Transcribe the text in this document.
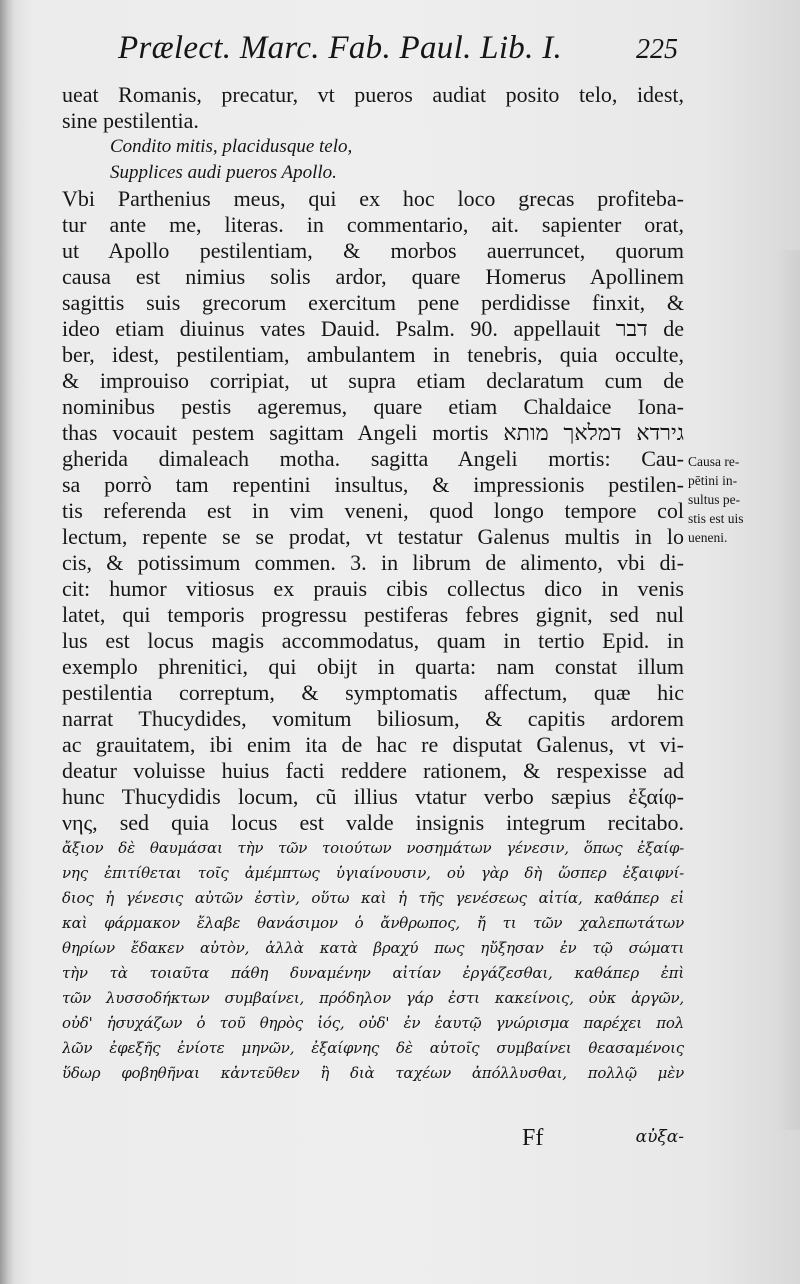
Prælect. Marc. Fab. Paul. Lib. I.	225
ueat Romanis, precatur, vt pueros audiat posito telo, idest,
sine pestilentia.
Condito mitis, placidusque telo,
Supplices audi pueros Apollo.
Vbi Parthenius meus, qui ex hoc loco grecas profiteba-
tur ante me, literas. in commentario, ait. sapienter orat,
ut Apollo pestilentiam, & morbos auerruncet, quorum
causa est nimius solis ardor, quare Homerus Apollinem
sagittis suis grecorum exercitum pene perdidisse finxit, &
ideo etiam diuinus vates Dauid. Psalm. 90. appellauit דבר de
ber, idest, pestilentiam, ambulantem in tenebris, quia occulte,
& improuiso corripiat, ut supra etiam declaratum cum de
nominibus pestis ageremus, quare etiam Chaldaice Iona-
thas vocauit pestem sagittam Angeli mortis גירדא דמלאך מותא
gherida dimaleach motha. sagitta Angeli mortis: Cau-
sa porrò tam repentini insultus, & impressionis pestilen-
tis referenda est in vim veneni, quod longo tempore col
lectum, repente se se prodat, vt testatur Galenus multis in lo
cis, & potissimum commen. 3. in librum de alimento, vbi di-
cit: humor vitiosus ex prauis cibis collectus dico in venis
latet, qui temporis progressu pestiferas febres gignit, sed nul
lus est locus magis accommodatus, quam in tertio Epid. in
exemplo phrenitici, qui obijt in quarta: nam constat illum
pestilentia correptum, & symptomatis affectum, quæ hic
narrat Thucydides, vomitum biliosum, & capitis ardorem
ac grauitatem, ibi enim ita de hac re disputat Galenus, vt vi-
deatur voluisse huius facti reddere rationem, & respexisse ad
hunc Thucydidis locum, cũ illius vtatur verbo sæpius ἐξαίφ-
νης, sed quia locus est valde insignis integrum recitabo.
ἄξιον δὲ θαυμάσαι τὴν τῶν τοιούτων νοσημάτων γένεσιν, ὅπως ἐξαίφ-
νης ἐπιτίθεται τοῖς ἀμέμπτως ὑγιαίνουσιν, οὐ γὰρ δὴ ὥσπερ ἐξαιφνί-
διος ἡ γένεσις αὐτῶν ἐστὶν, οὕτω καὶ ἡ τῆς γενέσεως αἰτία, καθάπερ εἰ
καὶ φάρμακον ἔλαβε θανάσιμον ὁ ἄνθρωπος, ἤ τι τῶν χαλεπωτάτων
θηρίων ἔδακεν αὐτὸν, ἀλλὰ κατὰ βραχύ πως ηὔξησαν ἐν τῷ σώματι
τὴν τὰ τοιαῦτα πάθη δυναμένην αἰτίαν ἐργάζεσθαι, καθάπερ ἐπὶ
τῶν λυσσοδήκτων συμβαίνει, πρόδηλον γάρ ἐστι κακείνοις, οὐκ ἀργῶν,
οὐδ' ἡσυχάζων ὁ τοῦ θηρὸς ἰός, οὐδ' ἐν ἑαυτῷ γνώρισμα παρέχει πολ
λῶν ἐφεξῆς ἐνίοτε μηνῶν, ἐξαίφνης δὲ αὐτοῖς συμβαίνει θεασαμένοις
ὕδωρ φοβηθῆναι κἀντεῦθεν ἢ διὰ ταχέων ἀπόλλυσθαι, πολλῷ μὲν
Causa re-
pētini in-
sultus pe-
stis est uis
ueneni.
Ff	αὐξα-
